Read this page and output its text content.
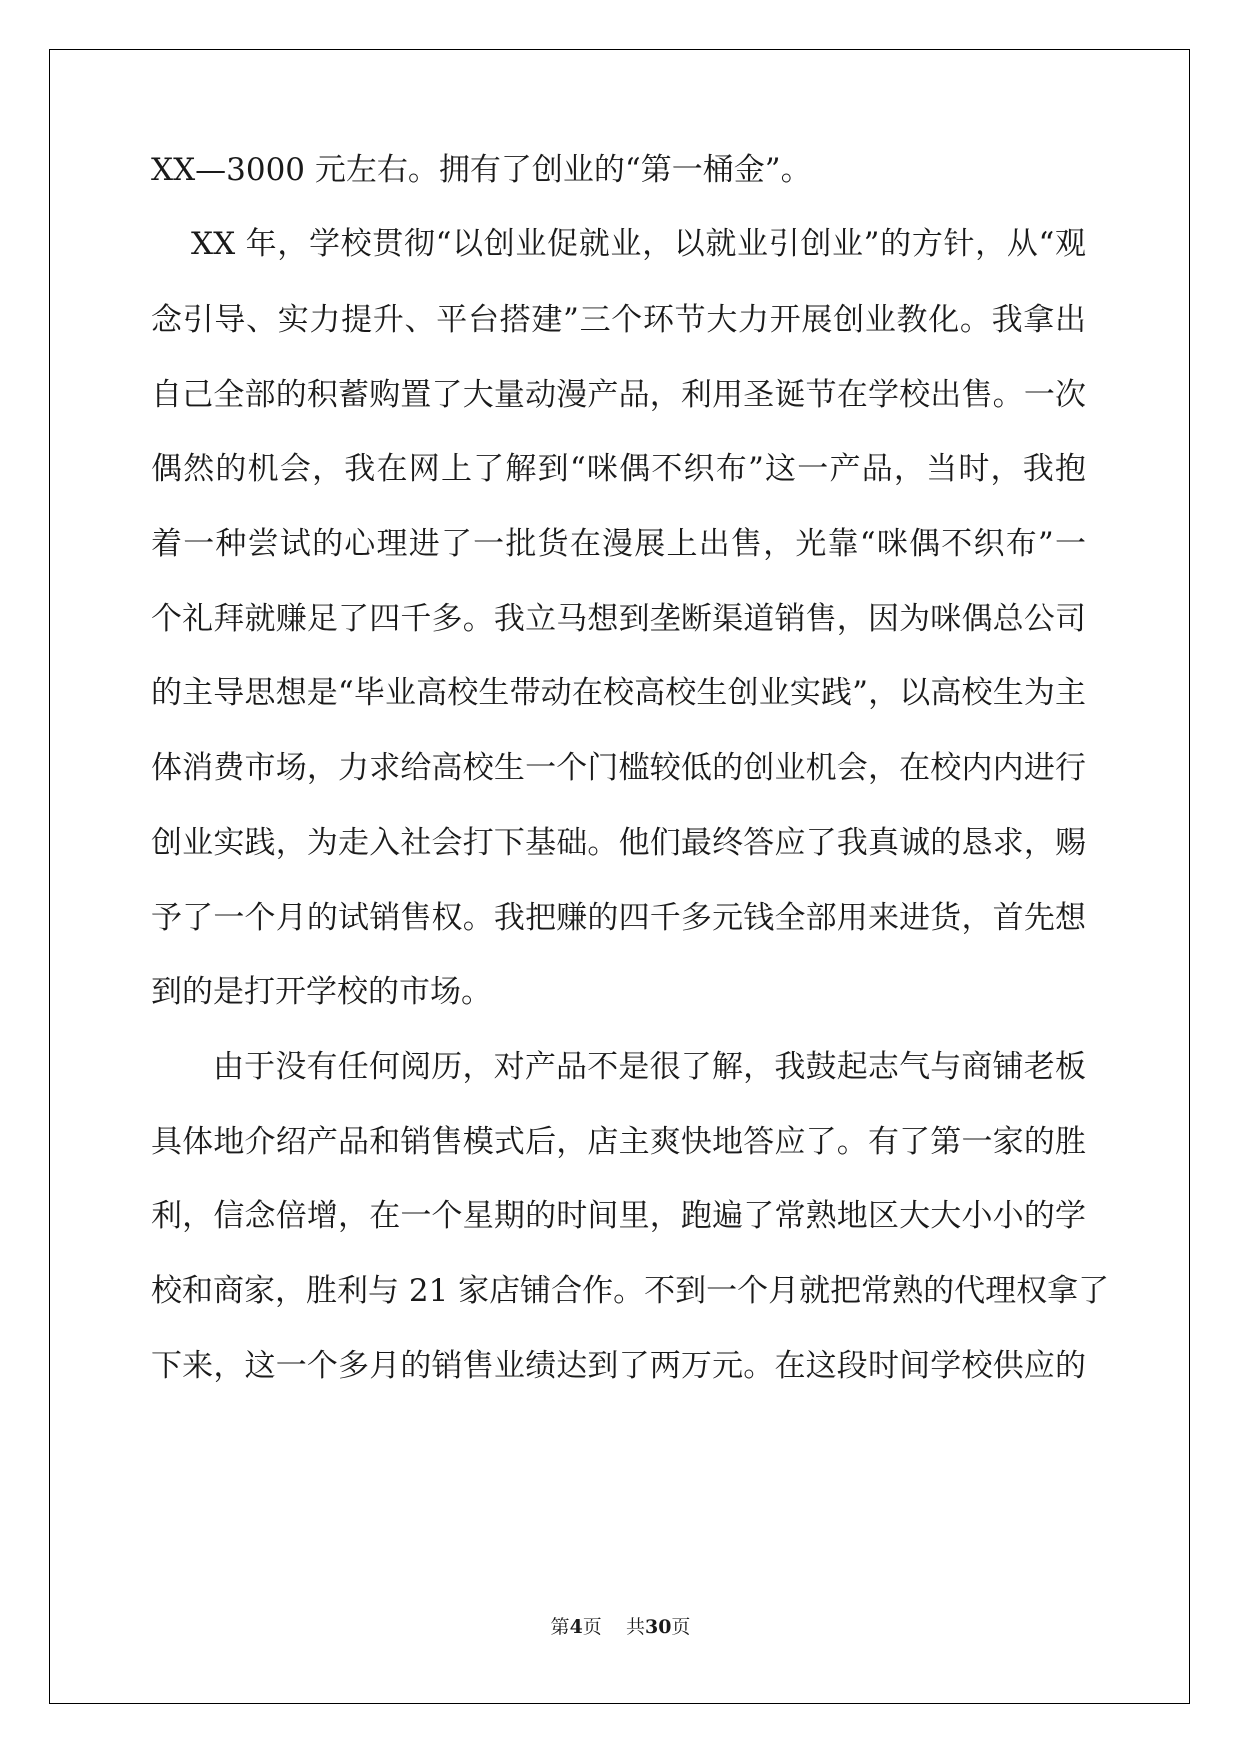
XX—3000 元左右。拥有了创业的“第一桶金”。
XX 年，学校贯彻“以创业促就业，以就业引创业”的方针，从“观
念引导、实力提升、平台搭建”三个环节大力开展创业教化。我拿出
自己全部的积蓄购置了大量动漫产品，利用圣诞节在学校出售。一次
偶然的机会，我在网上了解到“咪偶不织布”这一产品，当时，我抱
着一种尝试的心理进了一批货在漫展上出售，光靠“咪偶不织布”一
个礼拜就赚足了四千多。我立马想到垄断渠道销售，因为咪偶总公司
的主导思想是“毕业高校生带动在校高校生创业实践”，以高校生为主
体消费市场，力求给高校生一个门槛较低的创业机会，在校内内进行
创业实践，为走入社会打下基础。他们最终答应了我真诚的恳求，赐
予了一个月的试销售权。我把赚的四千多元钱全部用来进货，首先想
到的是打开学校的市场。
由于没有任何阅历，对产品不是很了解，我鼓起志气与商铺老板
具体地介绍产品和销售模式后，店主爽快地答应了。有了第一家的胜
利，信念倍增，在一个星期的时间里，跑遍了常熟地区大大小小的学
校和商家，胜利与 21 家店铺合作。不到一个月就把常熟的代理权拿了
下来，这一个多月的销售业绩达到了两万元。在这段时间学校供应的
第4页    共30页
